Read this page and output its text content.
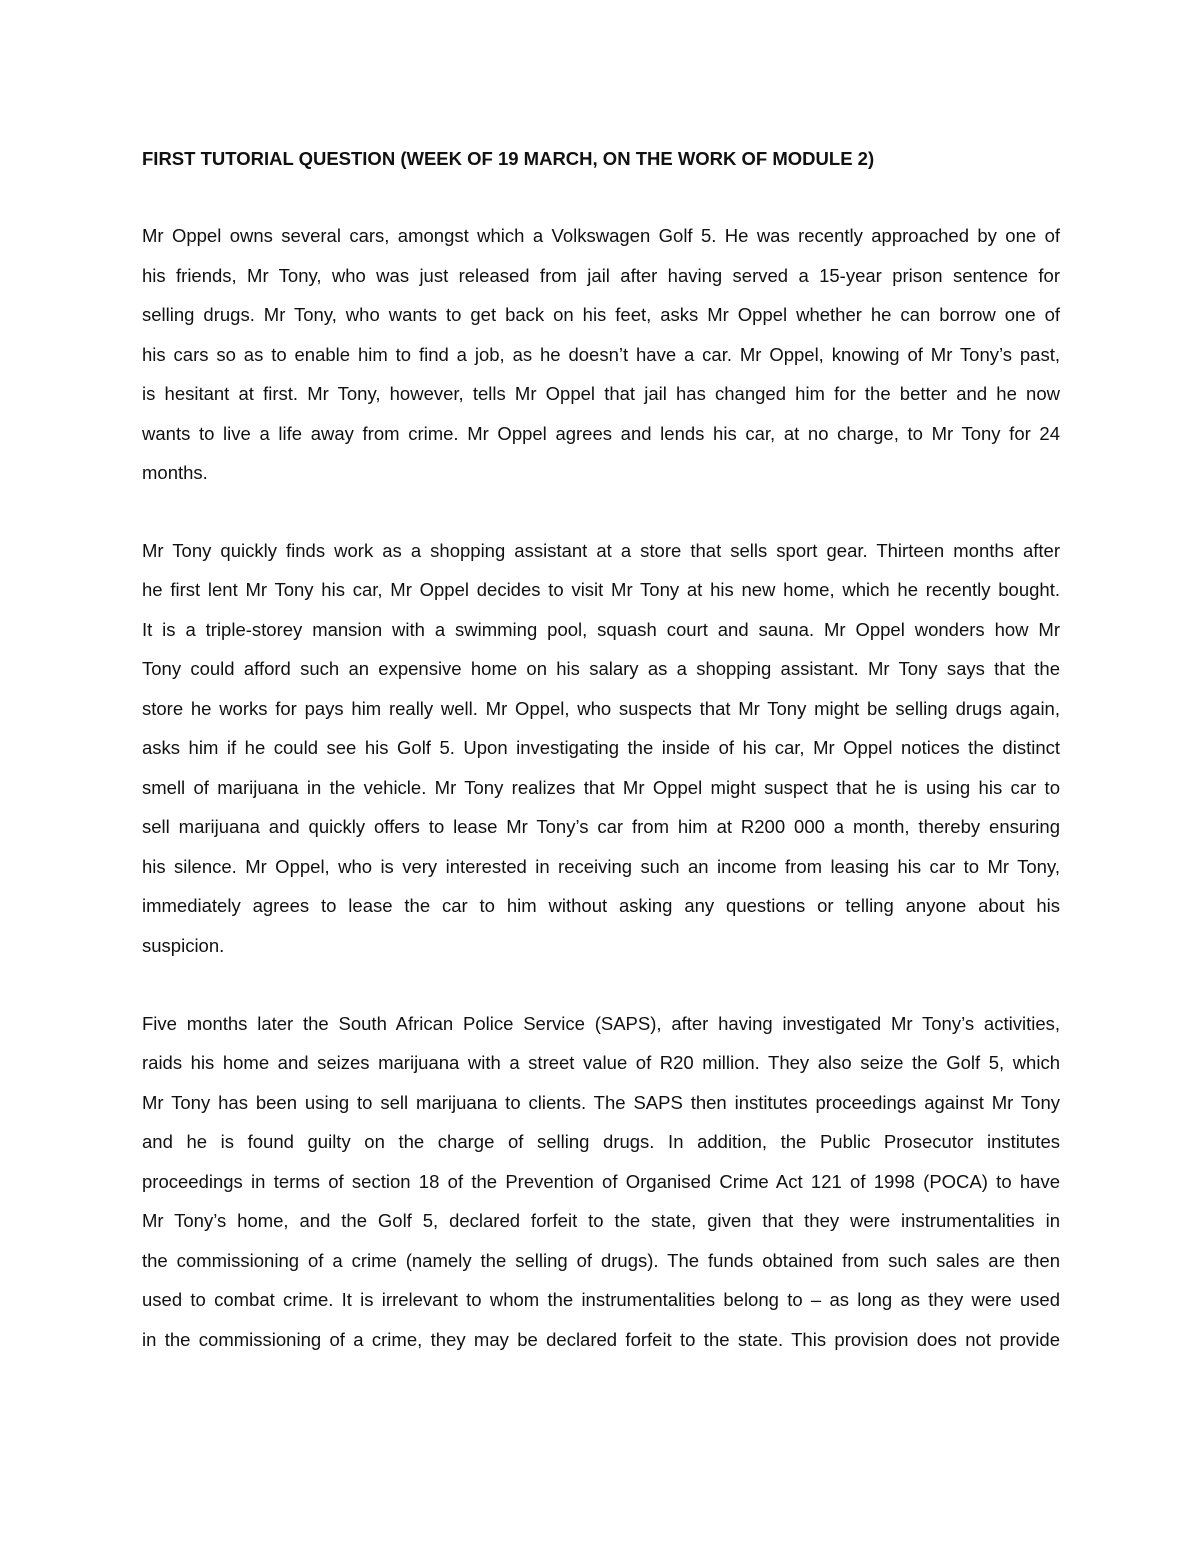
FIRST TUTORIAL QUESTION (WEEK OF 19 MARCH, ON THE WORK OF MODULE 2)
Mr Oppel owns several cars, amongst which a Volkswagen Golf 5. He was recently approached by one of
his friends, Mr Tony, who was just released from jail after having served a 15-year prison sentence for
selling drugs. Mr Tony, who wants to get back on his feet, asks Mr Oppel whether he can borrow one of
his cars so as to enable him to find a job, as he doesn’t have a car. Mr Oppel, knowing of Mr Tony’s past,
is hesitant at first. Mr Tony, however, tells Mr Oppel that jail has changed him for the better and he now
wants to live a life away from crime. Mr Oppel agrees and lends his car, at no charge, to Mr Tony for 24
months.
Mr Tony quickly finds work as a shopping assistant at a store that sells sport gear. Thirteen months after
he first lent Mr Tony his car, Mr Oppel decides to visit Mr Tony at his new home, which he recently bought.
It is a triple-storey mansion with a swimming pool, squash court and sauna. Mr Oppel wonders how Mr
Tony could afford such an expensive home on his salary as a shopping assistant. Mr Tony says that the
store he works for pays him really well. Mr Oppel, who suspects that Mr Tony might be selling drugs again,
asks him if he could see his Golf 5. Upon investigating the inside of his car, Mr Oppel notices the distinct
smell of marijuana in the vehicle. Mr Tony realizes that Mr Oppel might suspect that he is using his car to
sell marijuana and quickly offers to lease Mr Tony’s car from him at R200 000 a month, thereby ensuring
his silence. Mr Oppel, who is very interested in receiving such an income from leasing his car to Mr Tony,
immediately agrees to lease the car to him without asking any questions or telling anyone about his
suspicion.
Five months later the South African Police Service (SAPS), after having investigated Mr Tony’s activities,
raids his home and seizes marijuana with a street value of R20 million. They also seize the Golf 5, which
Mr Tony has been using to sell marijuana to clients. The SAPS then institutes proceedings against Mr Tony
and he is found guilty on the charge of selling drugs. In addition, the Public Prosecutor institutes
proceedings in terms of section 18 of the Prevention of Organised Crime Act 121 of 1998 (POCA) to have
Mr Tony’s home, and the Golf 5, declared forfeit to the state, given that they were instrumentalities in
the commissioning of a crime (namely the selling of drugs). The funds obtained from such sales are then
used to combat crime. It is irrelevant to whom the instrumentalities belong to – as long as they were used
in the commissioning of a crime, they may be declared forfeit to the state. This provision does not provide
